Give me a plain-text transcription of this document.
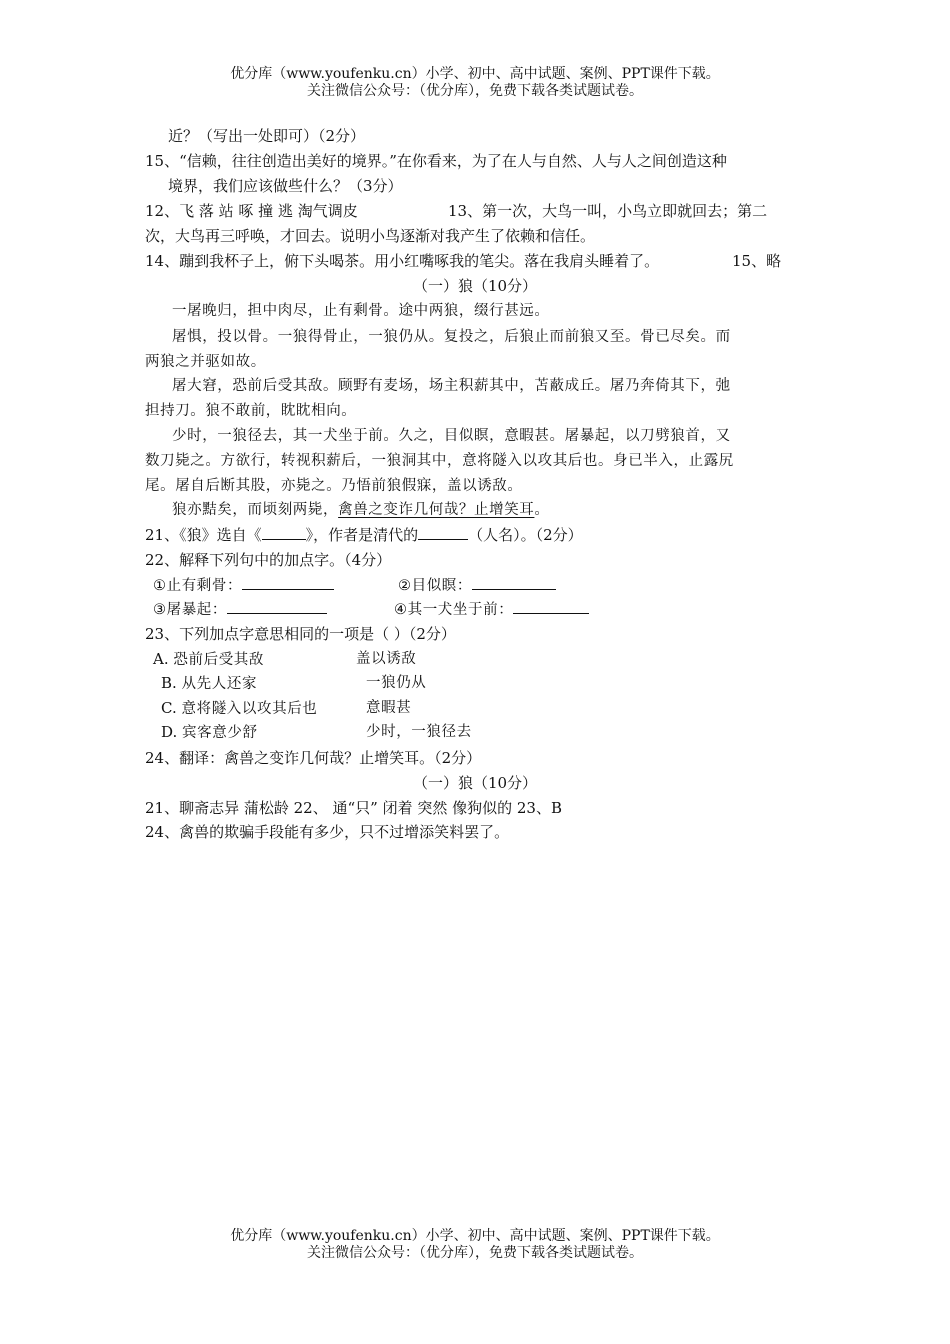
优分库（www.youfenku.cn）小学、初中、高中试题、案例、PPT课件下载。
关注微信公众号：（优分库），免费下载各类试题试卷。
近？（写出一处即可）（2分）
15、“信赖，往往创造出美好的境界。”在你看来，为了在人与自然、人与人之间创造这种
境界，我们应该做些什么？（3分）
12、飞 落 站 啄 撞 逃 淘气调皮	13、第一次，大鸟一叫，小鸟立即就回去；第二
次，大鸟再三呼唤，才回去。说明小鸟逐渐对我产生了依赖和信任。
14、蹦到我杯子上，俯下头喝茶。用小红嘴啄我的笔尖。落在我肩头睡着了。	15、略
（一）狼（10分）
一屠晚归，担中肉尽，止有剩骨。途中两狼，缀行甚远。
屠惧，投以骨。一狼得骨止，一狼仍从。复投之，后狼止而前狼又至。骨已尽矣。而
两狼之并驱如故。
屠大窘，恐前后受其敌。顾野有麦场，场主积薪其中，苫蔽成丘。屠乃奔倚其下，弛
担持刀。狼不敢前，眈眈相向。
少时，一狼径去，其一犬坐于前。久之，目似瞑，意暇甚。屠暴起，以刀劈狼首，又
数刀毙之。方欲行，转视积薪后，一狼洞其中，意将隧入以攻其后也。身已半入，止露尻
尾。屠自后断其股，亦毙之。乃悟前狼假寐，盖以诱敌。
狼亦黠矣，而顷刻两毙，禽兽之变诈几何哉？止增笑耳。
21、《狼》选自《	》，作者是清代的	（人名）。（2分）
22、解释下列句中的加点字。（4分）
①止有剩骨：	②目似瞑：
③屠暴起：	④其一犬坐于前：
23、下列加点字意思相同的一项是（ ）（2分）
A. 恐前后受其敌	盖以诱敌
B. 从先人还家	一狼仍从
C. 意将隧入以攻其后也	意暇甚
D. 宾客意少舒	少时，一狼径去
24、翻译：禽兽之变诈几何哉？止增笑耳。（2分）
（一）狼（10分）
21、聊斋志异 蒲松龄 22、 通“只” 闭着 突然 像狗似的 23、B
24、禽兽的欺骗手段能有多少，只不过增添笑料罢了。
优分库（www.youfenku.cn）小学、初中、高中试题、案例、PPT课件下载。
关注微信公众号：（优分库），免费下载各类试题试卷。
